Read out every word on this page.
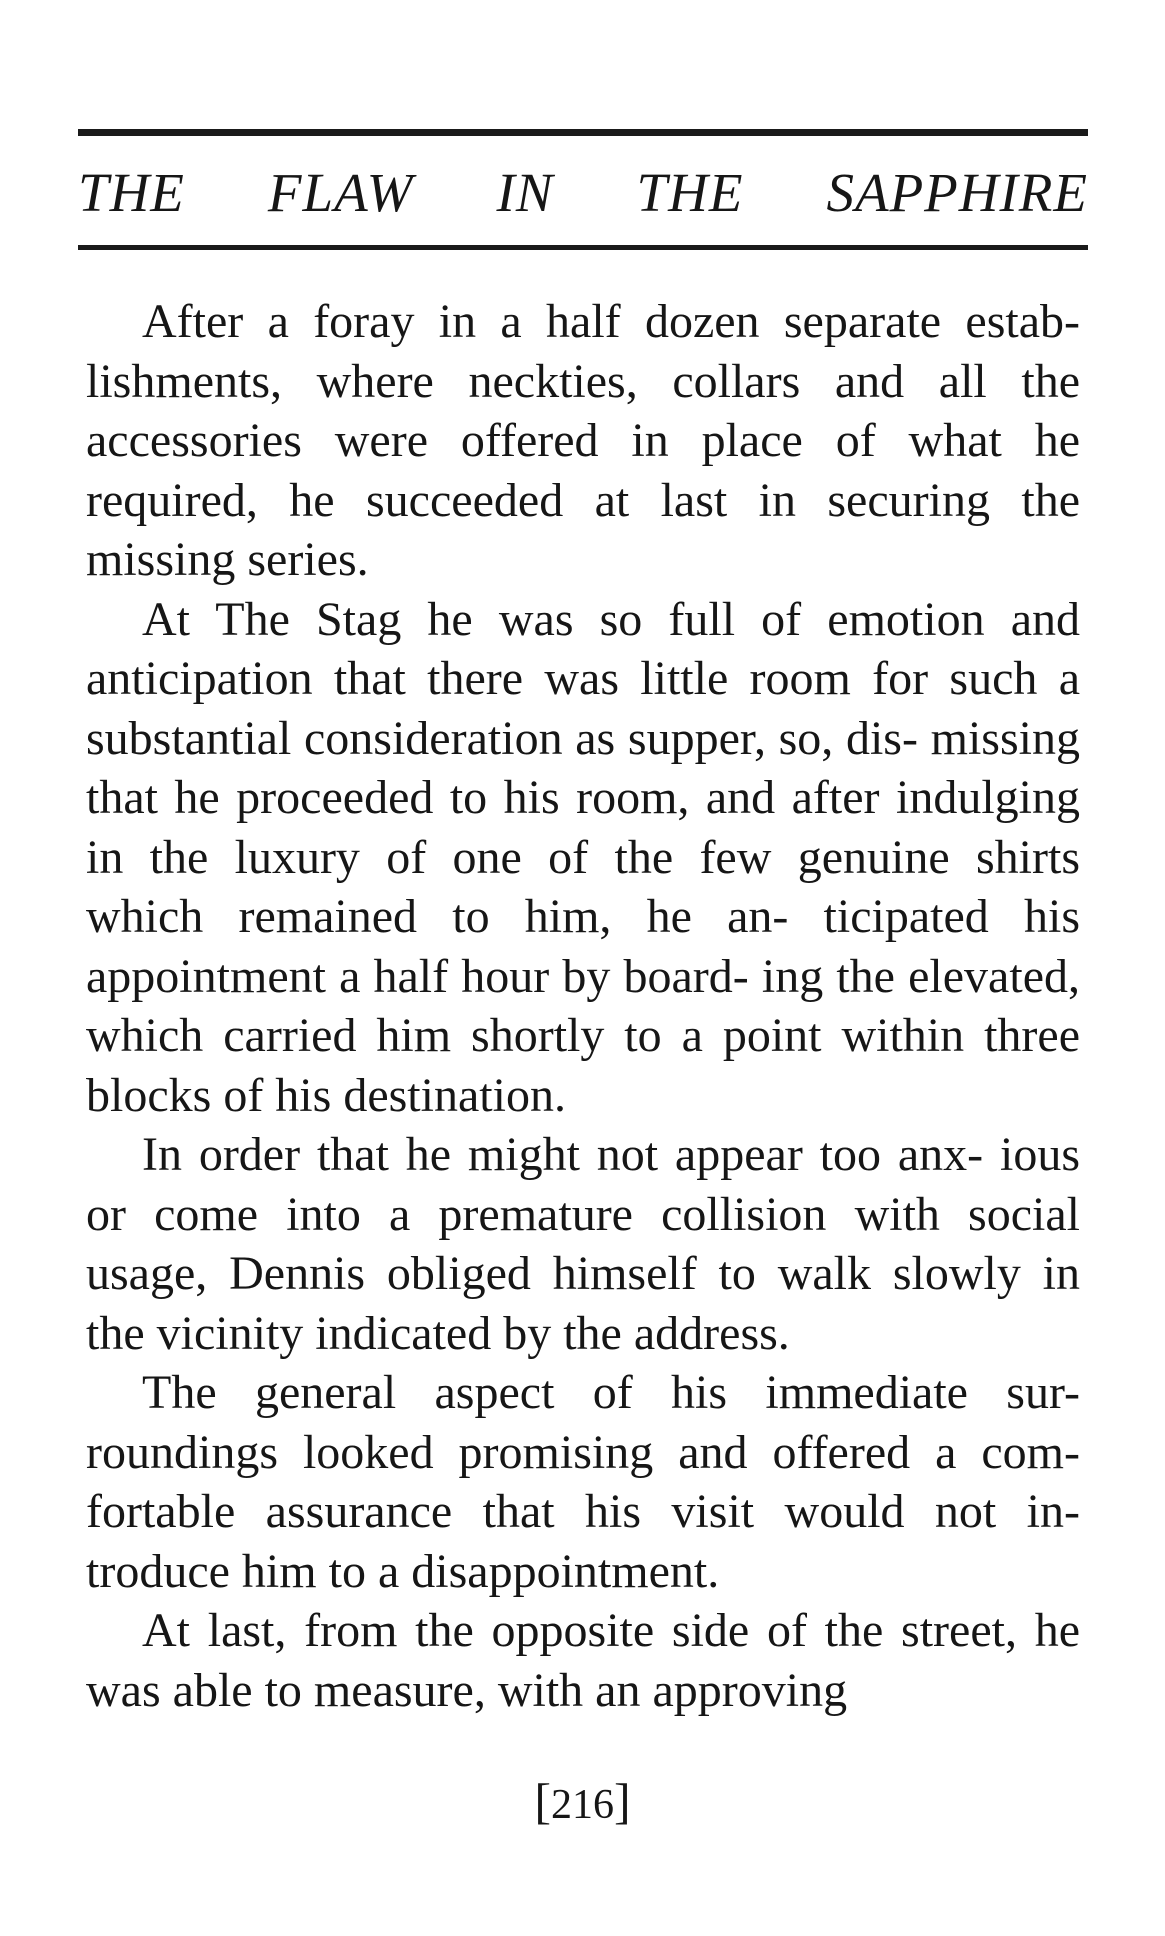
THE FLAW IN THE SAPPHIRE

After a foray in a half dozen separate estab- lishments, where neckties, collars and all the accessories were offered in place of what he required, he succeeded at last in securing the missing series.

At The Stag he was so full of emotion and anticipation that there was little room for such a substantial consideration as supper, so, dis- missing that he proceeded to his room, and after indulging in the luxury of one of the few genuine shirts which remained to him, he an- ticipated his appointment a half hour by board- ing the elevated, which carried him shortly to a point within three blocks of his destination.

In order that he might not appear too anx- ious or come into a premature collision with social usage, Dennis obliged himself to walk slowly in the vicinity indicated by the address.

The general aspect of his immediate sur- roundings looked promising and offered a com- fortable assurance that his visit would not in- troduce him to a disappointment.

At last, from the opposite side of the street, he was able to measure, with an approving

[216]
